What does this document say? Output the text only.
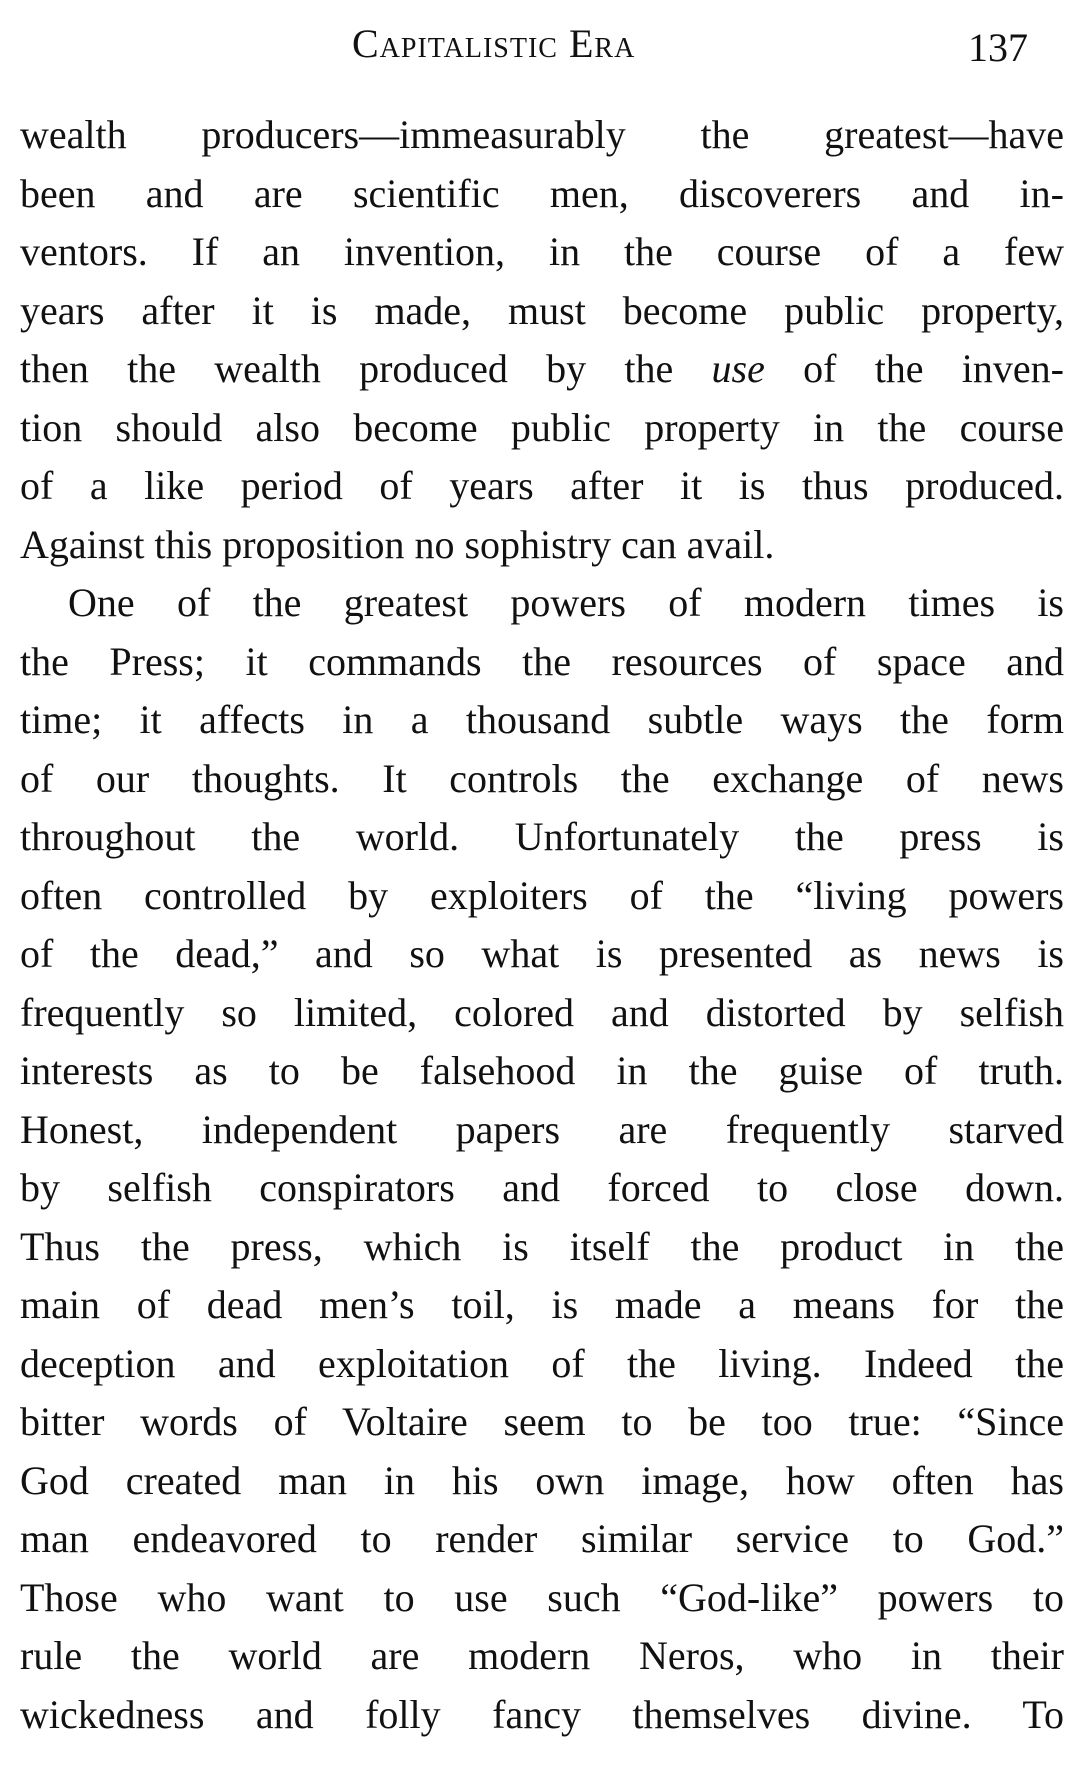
Capitalistic Era	137
wealth producers—immeasurably the greatest—have
been and are scientific men, discoverers and in-
ventors. If an invention, in the course of a few
years after it is made, must become public property,
then the wealth produced by the use of the inven-
tion should also become public property in the course
of a like period of years after it is thus produced.
Against this proposition no sophistry can avail.
One of the greatest powers of modern times is
the Press; it commands the resources of space and
time; it affects in a thousand subtle ways the form
of our thoughts. It controls the exchange of news
throughout the world. Unfortunately the press is
often controlled by exploiters of the “living powers
of the dead,” and so what is presented as news is
frequently so limited, colored and distorted by selfish
interests as to be falsehood in the guise of truth.
Honest, independent papers are frequently starved
by selfish conspirators and forced to close down.
Thus the press, which is itself the product in the
main of dead men’s toil, is made a means for the
deception and exploitation of the living. Indeed the
bitter words of Voltaire seem to be too true: “Since
God created man in his own image, how often has
man endeavored to render similar service to God.”
Those who want to use such “God-like” powers to
rule the world are modern Neros, who in their
wickedness and folly fancy themselves divine. To
